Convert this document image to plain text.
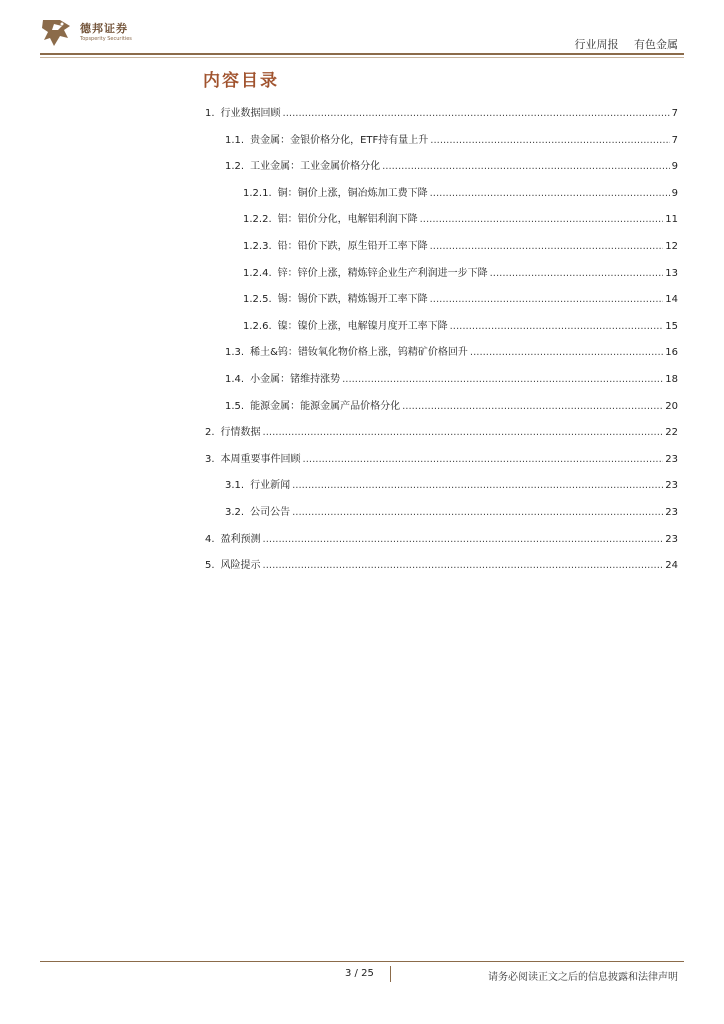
德邦证券
Topsperity Securities	行业周报 有色金属
内容目录
1. 行业数据回顾 .....	7
1.1. 贵金属：金银价格分化，ETF持有量上升 .....	7
1.2. 工业金属：工业金属价格分化 .....	9
1.2.1. 铜：铜价上涨，铜冶炼加工费下降 .....	9
1.2.2. 铝：铝价分化，电解铝利润下降 .....	11
1.2.3. 铅：铅价下跌，原生铅开工率下降 .....	12
1.2.4. 锌：锌价上涨，精炼锌企业生产利润进一步下降 .....	13
1.2.5. 锡：锡价下跌，精炼锡开工率下降 .....	14
1.2.6. 镍：镍价上涨，电解镍月度开工率下降 .....	15
1.3. 稀土&钨：镨钕氧化物价格上涨，钨精矿价格回升 .....	16
1.4. 小金属：锗维持涨势 .....	18
1.5. 能源金属：能源金属产品价格分化 .....	20
2. 行情数据 .....	22
3. 本周重要事件回顾 .....	23
3.1. 行业新闻 .....	23
3.2. 公司公告 .....	23
4. 盈利预测 .....	23
5. 风险提示 .....	24
3 / 25	请务必阅读正文之后的信息披露和法律声明
